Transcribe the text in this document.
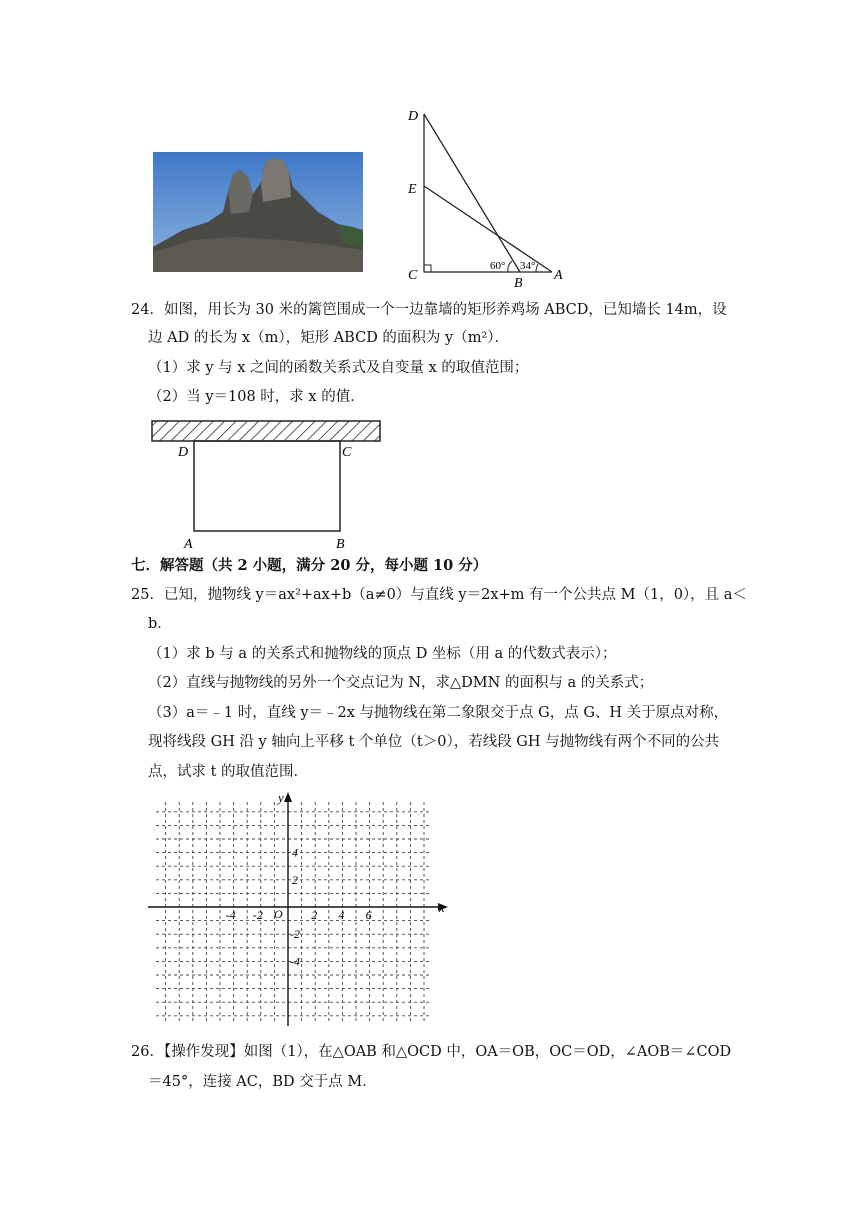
D
E
C
B
A
60° 34°
24．如图，用长为 30 米的篱笆围成一个一边靠墙的矩形养鸡场 ABCD，已知墙长 14m，设
边 AD 的长为 x（m），矩形 ABCD 的面积为 y（m²）．
（1）求 y 与 x 之间的函数关系式及自变量 x 的取值范围；
（2）当 y＝108 时，求 x 的值．
D	C
A	B
七．解答题（共 2 小题，满分 20 分，每小题 10 分）
25．已知，抛物线 y＝ax²+ax+b（a≠0）与直线 y＝2x+m 有一个公共点 M（1，0），且 a＜
b．
（1）求 b 与 a 的关系式和抛物线的顶点 D 坐标（用 a 的代数式表示）；
（2）直线与抛物线的另外一个交点记为 N，求△DMN 的面积与 a 的关系式；
（3）a＝﹣1 时，直线 y＝﹣2x 与抛物线在第二象限交于点 G，点 G、H 关于原点对称，
现将线段 GH 沿 y 轴向上平移 t 个单位（t＞0），若线段 GH 与抛物线有两个不同的公共
点，试求 t 的取值范围．
x
y
O
-4 -2	2 4 6
4
2
-2
-4
26．【操作发现】如图（1），在△OAB 和△OCD 中，OA＝OB，OC＝OD，∠AOB＝∠COD
＝45°，连接 AC，BD 交于点 M．
